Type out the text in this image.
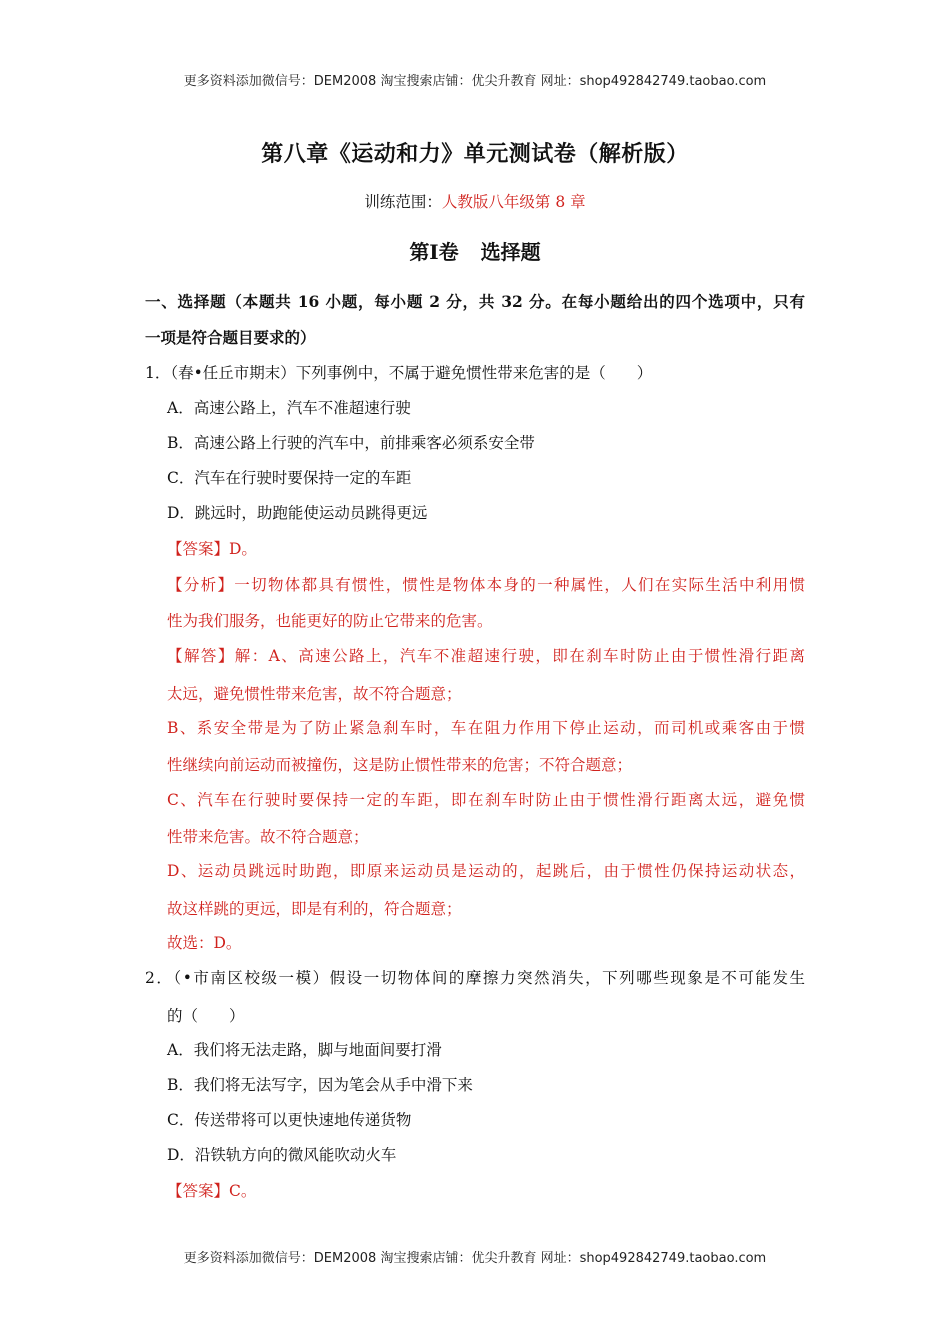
更多资料添加微信号：DEM2008 淘宝搜索店铺：优尖升教育 网址：shop492842749.taobao.com
第八章《运动和力》单元测试卷（解析版）
训练范围：人教版八年级第 8 章
第Ⅰ卷 选择题
一、选择题（本题共 16 小题，每小题 2 分，共 32 分。在每小题给出的四个选项中，只有
一项是符合题目要求的）
1．（春•任丘市期末）下列事例中，不属于避免惯性带来危害的是（　　）
A．高速公路上，汽车不准超速行驶
B．高速公路上行驶的汽车中，前排乘客必须系安全带
C．汽车在行驶时要保持一定的车距
D．跳远时，助跑能使运动员跳得更远
【答案】D。
【分析】一切物体都具有惯性，惯性是物体本身的一种属性，人们在实际生活中利用惯
性为我们服务，也能更好的防止它带来的危害。
【解答】解：A、高速公路上，汽车不准超速行驶，即在刹车时防止由于惯性滑行距离
太远，避免惯性带来危害，故不符合题意；
B、系安全带是为了防止紧急刹车时，车在阻力作用下停止运动，而司机或乘客由于惯
性继续向前运动而被撞伤，这是防止惯性带来的危害；不符合题意；
C、汽车在行驶时要保持一定的车距，即在刹车时防止由于惯性滑行距离太远，避免惯
性带来危害。故不符合题意；
D、运动员跳远时助跑，即原来运动员是运动的，起跳后，由于惯性仍保持运动状态，
故这样跳的更远，即是有利的，符合题意；
故选：D。
2．（•市南区校级一模）假设一切物体间的摩擦力突然消失，下列哪些现象是不可能发生
的（　　）
A．我们将无法走路，脚与地面间要打滑
B．我们将无法写字，因为笔会从手中滑下来
C．传送带将可以更快速地传递货物
D．沿铁轨方向的微风能吹动火车
【答案】C。
更多资料添加微信号：DEM2008 淘宝搜索店铺：优尖升教育 网址：shop492842749.taobao.com
